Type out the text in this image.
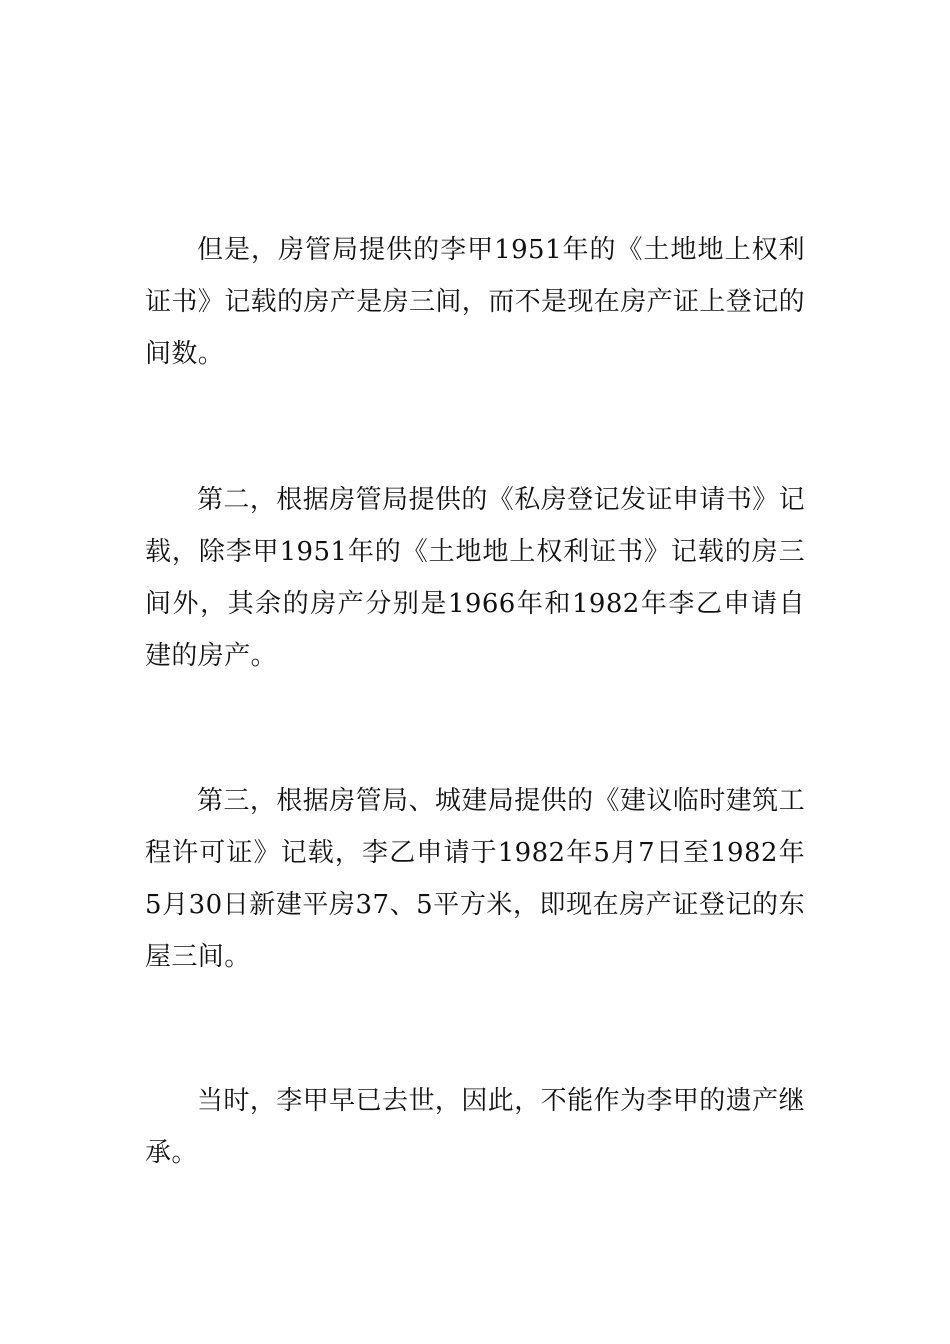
但是，房管局提供的李甲1951年的《土地地上权利证书》记载的房产是房三间，而不是现在房产证上登记的间数。

第二，根据房管局提供的《私房登记发证申请书》记载，除李甲1951年的《土地地上权利证书》记载的房三间外，其余的房产分别是1966年和1982年李乙申请自建的房产。

第三，根据房管局、城建局提供的《建议临时建筑工程许可证》记载，李乙申请于1982年5月7日至1982年5月30日新建平房37、5平方米，即现在房产证登记的东屋三间。

当时，李甲早已去世，因此，不能作为李甲的遗产继承。
